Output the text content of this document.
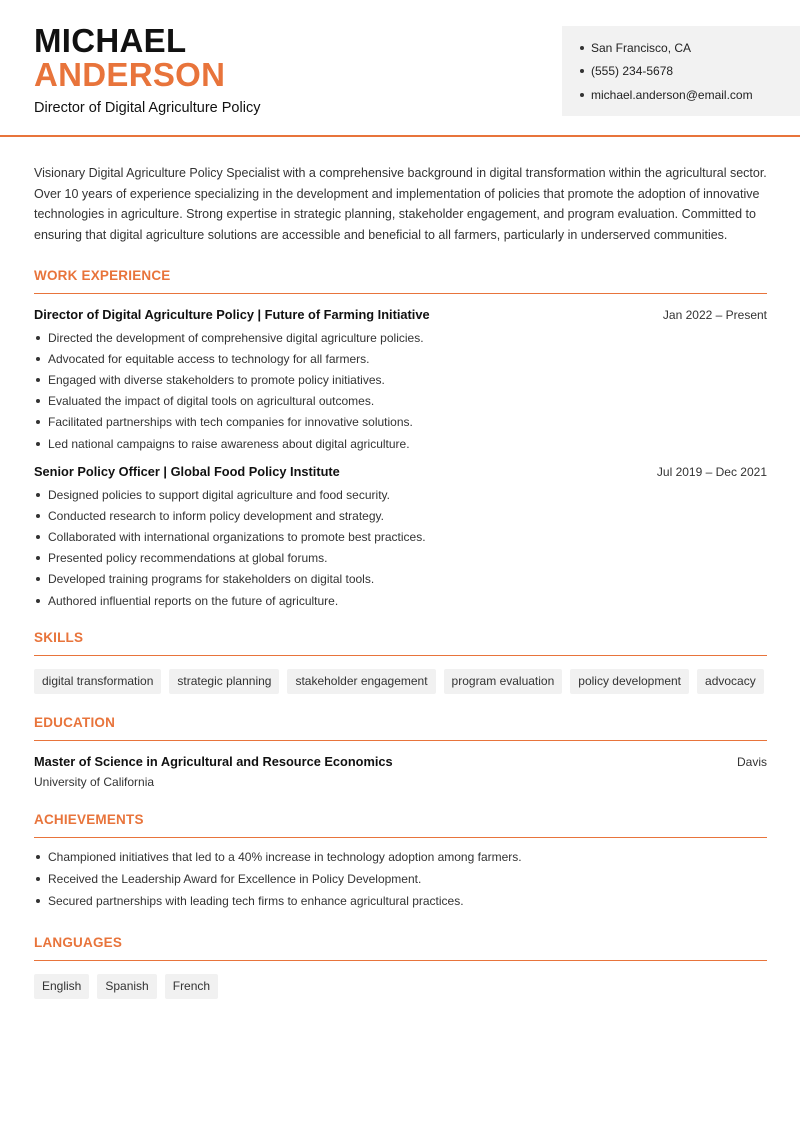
MICHAEL
ANDERSON
Director of Digital Agriculture Policy
San Francisco, CA
(555) 234-5678
michael.anderson@email.com

Visionary Digital Agriculture Policy Specialist with a comprehensive background in digital transformation within the agricultural sector. Over 10 years of experience specializing in the development and implementation of policies that promote the adoption of innovative technologies in agriculture. Strong expertise in strategic planning, stakeholder engagement, and program evaluation. Committed to ensuring that digital agriculture solutions are accessible and beneficial to all farmers, particularly in underserved communities.

WORK EXPERIENCE
Director of Digital Agriculture Policy | Future of Farming Initiative	Jan 2022 – Present
Directed the development of comprehensive digital agriculture policies.
Advocated for equitable access to technology for all farmers.
Engaged with diverse stakeholders to promote policy initiatives.
Evaluated the impact of digital tools on agricultural outcomes.
Facilitated partnerships with tech companies for innovative solutions.
Led national campaigns to raise awareness about digital agriculture.
Senior Policy Officer | Global Food Policy Institute	Jul 2019 – Dec 2021
Designed policies to support digital agriculture and food security.
Conducted research to inform policy development and strategy.
Collaborated with international organizations to promote best practices.
Presented policy recommendations at global forums.
Developed training programs for stakeholders on digital tools.
Authored influential reports on the future of agriculture.
SKILLS
digital transformation	strategic planning	stakeholder engagement	program evaluation	policy development	advocacy
EDUCATION
Master of Science in Agricultural and Resource Economics	Davis
University of California
ACHIEVEMENTS
Championed initiatives that led to a 40% increase in technology adoption among farmers.
Received the Leadership Award for Excellence in Policy Development.
Secured partnerships with leading tech firms to enhance agricultural practices.
LANGUAGES
English	Spanish	French
